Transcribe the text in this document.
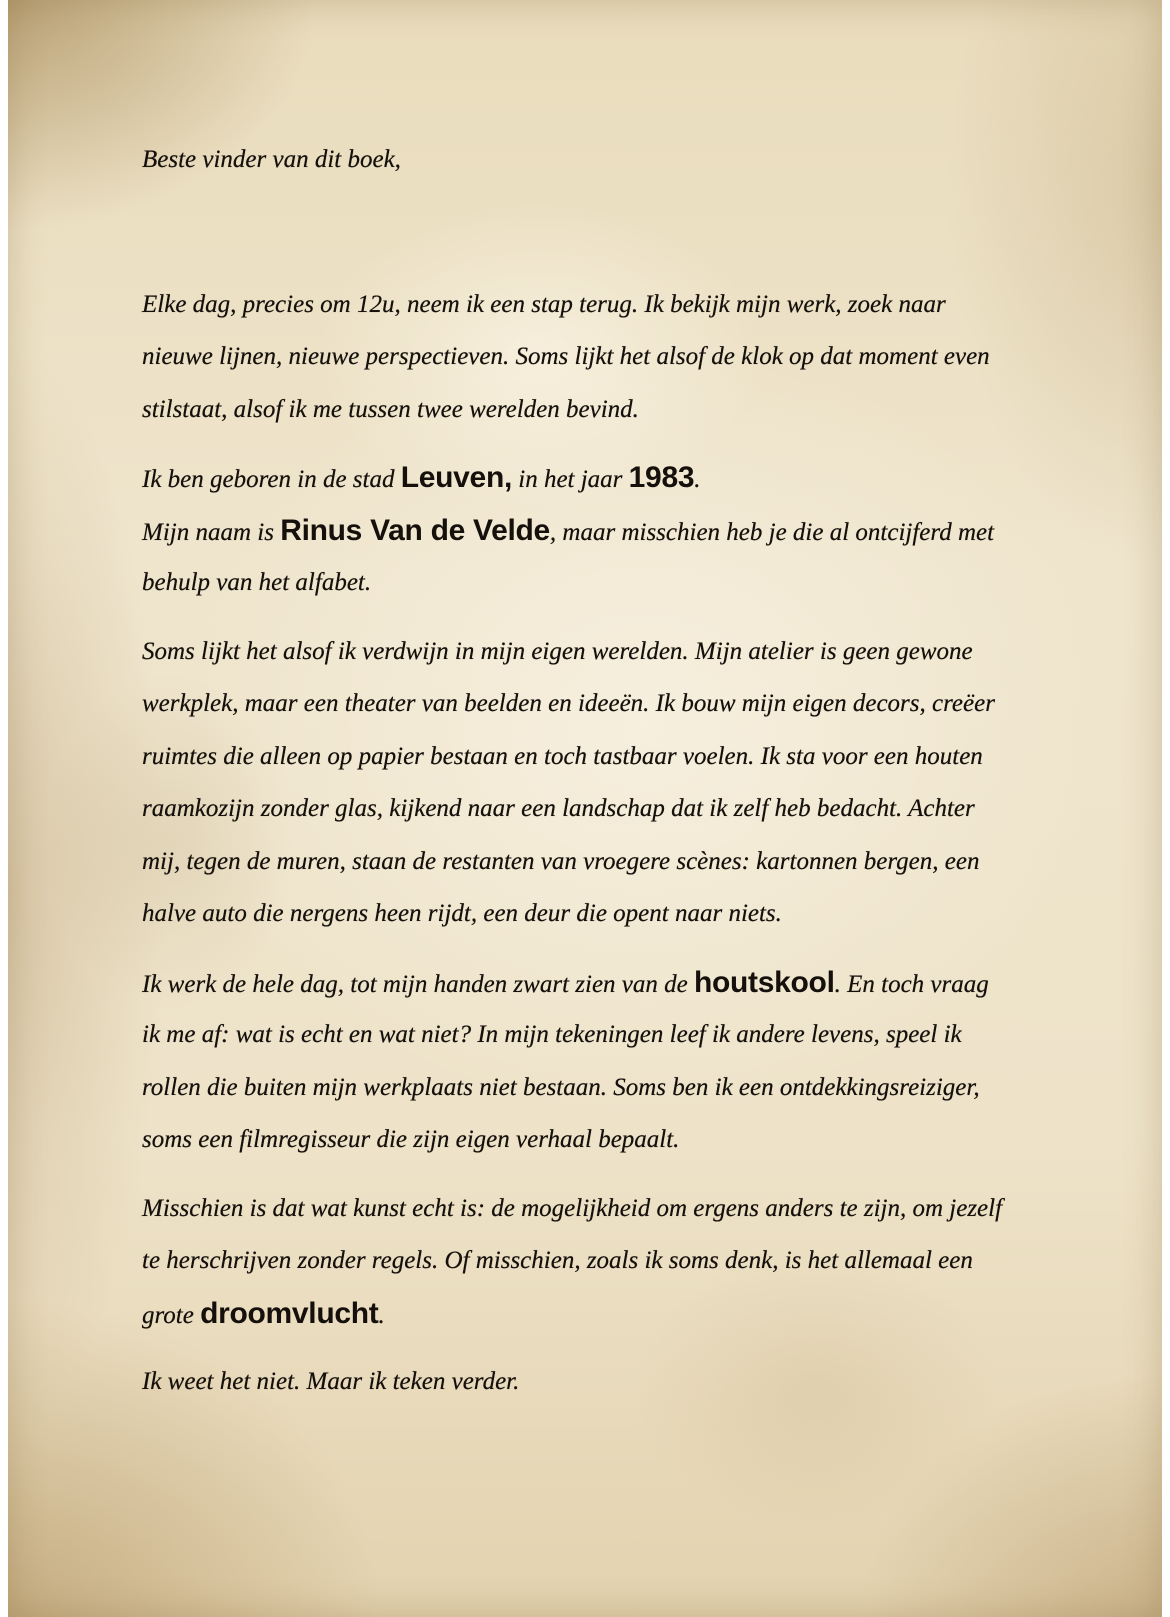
Beste vinder van dit boek,
Elke dag, precies om 12u, neem ik een stap terug. Ik bekijk mijn werk, zoek naar
nieuwe lijnen, nieuwe perspectieven. Soms lijkt het alsof de klok op dat moment even
stilstaat, alsof ik me tussen twee werelden bevind.
Ik ben geboren in de stad Leuven, in het jaar 1983.
Mijn naam is Rinus Van de Velde, maar misschien heb je die al ontcijferd met
behulp van het alfabet.
Soms lijkt het alsof ik verdwijn in mijn eigen werelden. Mijn atelier is geen gewone
werkplek, maar een theater van beelden en ideeën. Ik bouw mijn eigen decors, creëer
ruimtes die alleen op papier bestaan en toch tastbaar voelen. Ik sta voor een houten
raamkozijn zonder glas, kijkend naar een landschap dat ik zelf heb bedacht. Achter
mij, tegen de muren, staan de restanten van vroegere scènes: kartonnen bergen, een
halve auto die nergens heen rijdt, een deur die opent naar niets.
Ik werk de hele dag, tot mijn handen zwart zien van de houtskool. En toch vraag
ik me af: wat is echt en wat niet? In mijn tekeningen leef ik andere levens, speel ik
rollen die buiten mijn werkplaats niet bestaan. Soms ben ik een ontdekkingsreiziger,
soms een filmregisseur die zijn eigen verhaal bepaalt.
Misschien is dat wat kunst echt is: de mogelijkheid om ergens anders te zijn, om jezelf
te herschrijven zonder regels. Of misschien, zoals ik soms denk, is het allemaal een
grote droomvlucht.
Ik weet het niet. Maar ik teken verder.
